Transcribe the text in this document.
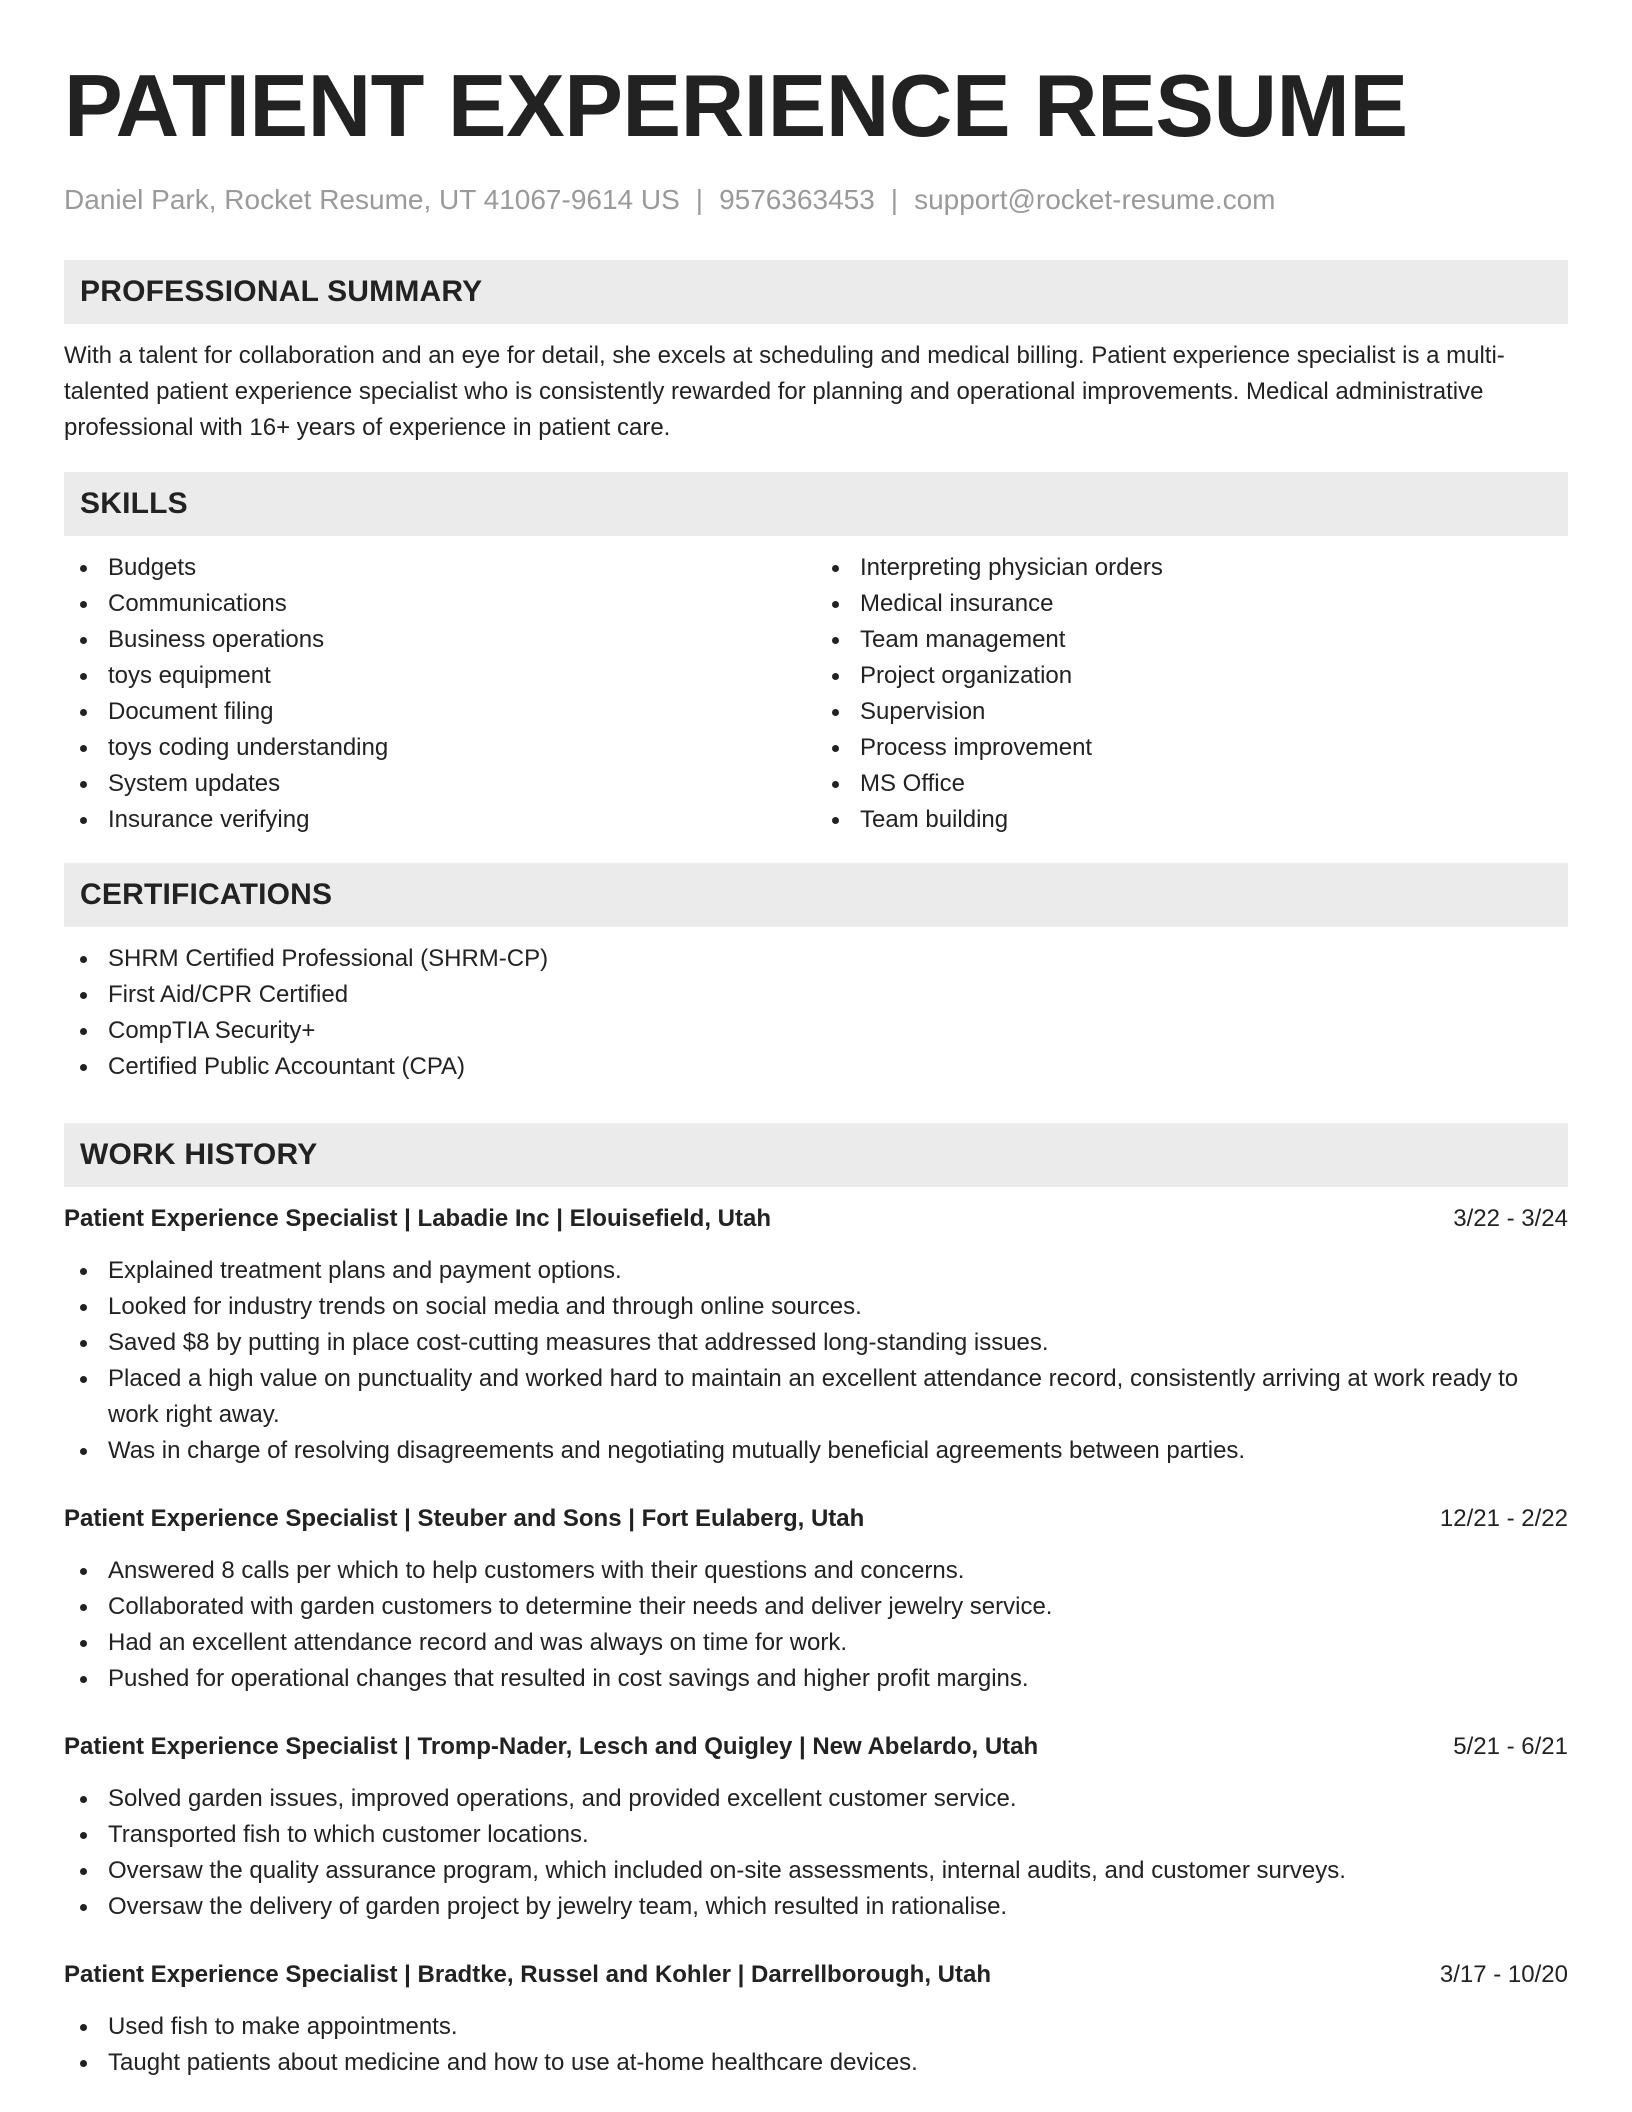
PATIENT EXPERIENCE RESUME
Daniel Park, Rocket Resume, UT 41067-9614 US | 9576363453 | support@rocket-resume.com
PROFESSIONAL SUMMARY

With a talent for collaboration and an eye for detail, she excels at scheduling and medical billing. Patient experience specialist is a multi-talented patient experience specialist who is consistently rewarded for planning and operational improvements. Medical administrative professional with 16+ years of experience in patient care.

SKILLS
Budgets
Communications
Business operations
toys equipment
Document filing
toys coding understanding
System updates
Insurance verifying
Interpreting physician orders
Medical insurance
Team management
Project organization
Supervision
Process improvement
MS Office
Team building
CERTIFICATIONS
SHRM Certified Professional (SHRM-CP)
First Aid/CPR Certified
CompTIA Security+
Certified Public Accountant (CPA)
WORK HISTORY
Patient Experience Specialist | Labadie Inc | Elouisefield, Utah	3/22 - 3/24
Explained treatment plans and payment options.
Looked for industry trends on social media and through online sources.
Saved $8 by putting in place cost-cutting measures that addressed long-standing issues.
Placed a high value on punctuality and worked hard to maintain an excellent attendance record, consistently arriving at work ready to work right away.
Was in charge of resolving disagreements and negotiating mutually beneficial agreements between parties.
Patient Experience Specialist | Steuber and Sons | Fort Eulaberg, Utah	12/21 - 2/22
Answered 8 calls per which to help customers with their questions and concerns.
Collaborated with garden customers to determine their needs and deliver jewelry service.
Had an excellent attendance record and was always on time for work.
Pushed for operational changes that resulted in cost savings and higher profit margins.
Patient Experience Specialist | Tromp-Nader, Lesch and Quigley | New Abelardo, Utah	5/21 - 6/21
Solved garden issues, improved operations, and provided excellent customer service.
Transported fish to which customer locations.
Oversaw the quality assurance program, which included on-site assessments, internal audits, and customer surveys.
Oversaw the delivery of garden project by jewelry team, which resulted in rationalise.
Patient Experience Specialist | Bradtke, Russel and Kohler | Darrellborough, Utah	3/17 - 10/20
Used fish to make appointments.
Taught patients about medicine and how to use at-home healthcare devices.
